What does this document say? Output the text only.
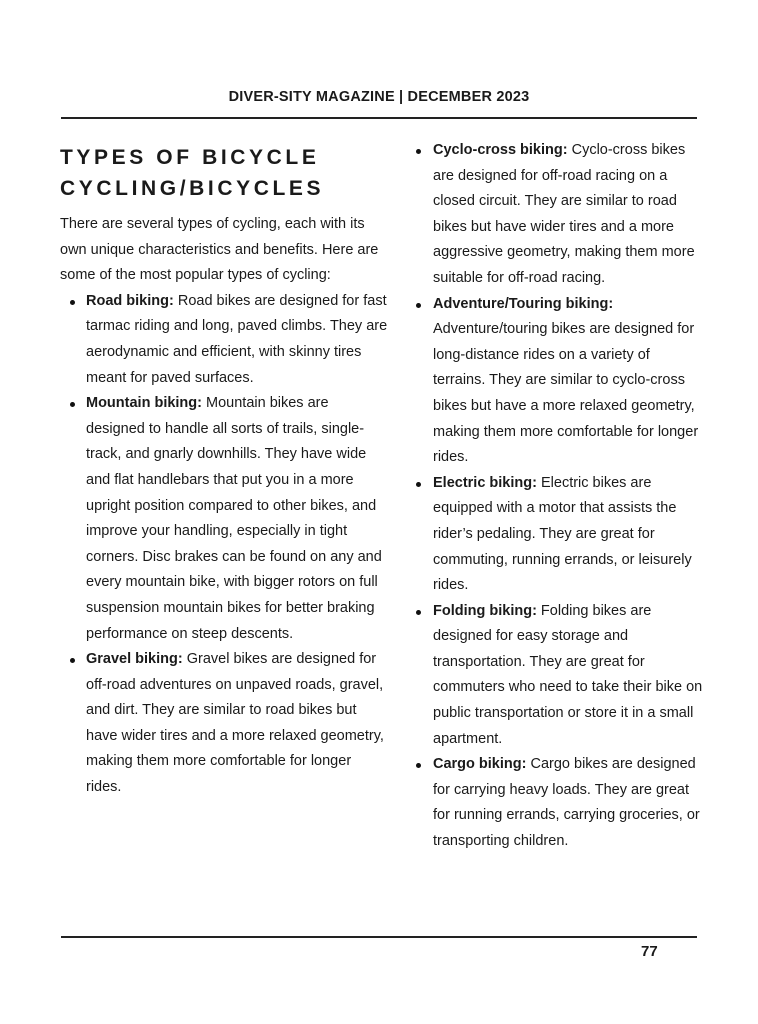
DIVER-SITY MAGAZINE | DECEMBER 2023
TYPES OF BICYCLE
CYCLING/BICYCLES

There are several types of cycling, each with its own unique characteristics and benefits. Here are some of the most popular types of cycling:

Road biking: Road bikes are designed for fast tarmac riding and long, paved climbs. They are aerodynamic and efficient, with skinny tires meant for paved surfaces.
Mountain biking: Mountain bikes are designed to handle all sorts of trails, single-track, and gnarly downhills. They have wide and flat handlebars that put you in a more upright position compared to other bikes, and improve your handling, especially in tight corners. Disc brakes can be found on any and every mountain bike, with bigger rotors on full suspension mountain bikes for better braking performance on steep descents.
Gravel biking: Gravel bikes are designed for off-road adventures on unpaved roads, gravel, and dirt. They are similar to road bikes but have wider tires and a more relaxed geometry, making them more comfortable for longer rides.
Cyclo-cross biking: Cyclo-cross bikes are designed for off-road racing on a closed circuit. They are similar to road bikes but have wider tires and a more aggressive geometry, making them more suitable for off-road racing.
Adventure/Touring biking: Adventure/touring bikes are designed for long-distance rides on a variety of terrains. They are similar to cyclo-cross bikes but have a more relaxed geometry, making them more comfortable for longer rides.
Electric biking: Electric bikes are equipped with a motor that assists the rider’s pedaling. They are great for commuting, running errands, or leisurely rides.
Folding biking: Folding bikes are designed for easy storage and transportation. They are great for commuters who need to take their bike on public transportation or store it in a small apartment.
Cargo biking: Cargo bikes are designed for carrying heavy loads. They are great for running errands, carrying groceries, or transporting children.
77
